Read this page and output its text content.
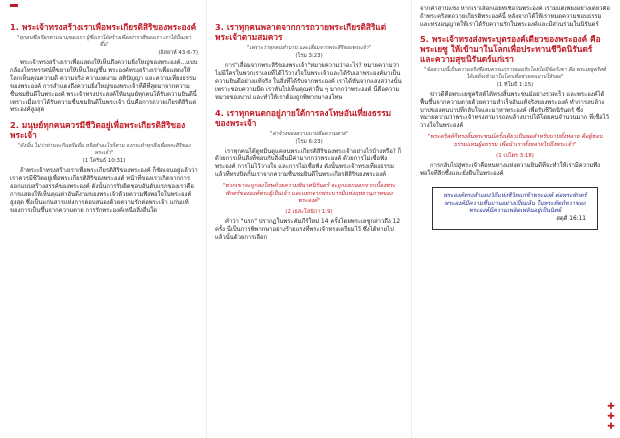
1. พระเจ้าทรงสร้างเราเพื่อพระเกียรติสิริของพระองค์
"ทุกคนซึ่งเรียกตามนามของเรา ผู้ซึ่งเราได้สร้างเพื่อสง่าราศีของเรา เราได้ปั้นเขาขึ้น"
(อิสยาห์ 43:6-7)

พระเจ้าทรงสร้างเราเพื่อแสดงให้เห็นถึงความยิ่งใหญ่ของพระองค์...แบบกล้องโทรทรรศน์ที่ขยายให้เห็นใหญ่ขึ้น พระองค์ทรงสร้างเราเพื่อแสดงให้โลกเห็นคุณความดี ความจริง ความงดงาม สติปัญญา และความเที่ยงธรรมของพระองค์ การสำแดงถึงความยิ่งใหญ่ของพระเจ้าที่ดีที่สุดมาจากความชื่นชมยินดีในพระองค์ พระเจ้าทรงประสงค์ให้มนุษย์ทุกคนได้รับความยินดีนี้ เพราะเมื่อเราได้รับความชื่นชมยินดีในพระเจ้า นั่นคือการถวายเกียรติสิริแด่พระองค์สูงสุด

2. มนุษย์ทุกคนควรมีชีวิตอยู่เพื่อพระเกียรติสิริของพระเจ้า
"ดังนั้น ไม่ว่าท่านจะกินหรือดื่ม หรือทำอะไรก็ตาม จงกระทำทุกสิ่งเพื่อพระสิริของพระเจ้า"
(1 โครินธ์ 10:31)

ถ้าพระเจ้าทรงสร้างเราเพื่อพระเกียรติสิริของพระองค์ ก็ชัดเจนอยู่แล้วว่าเราควรมีชีวิตอยู่เพื่อพระเกียรติสิริของพระองค์ หน้าที่ของเราเกิดจากการออกแบบสร้างสรรค์ของพระองค์ ดังนั้นการรับผิดชอบอันดับแรกของเราคือ การแสดงให้เห็นคุณค่าอันดีงามของพระเจ้าด้วยความพึงพอใจในพระองค์สูงสุด ซึ่งเป็นแก่นสารแห่งการตอบสนองด้วยความรักต่อพระเจ้า แก่นแท้ของการเป็นขึ้นจากความตาย การรักพระองค์เหนือสิ่งอื่นใด

3. เราทุกคนพลาดจากการถวายพระเกียรติสิริแด่พระเจ้าตามสมควร
"เพราะว่าทุกคนทำบาป และเสื่อมจากพระสิริของพระเจ้า"
(โรม 3:23)

การ"เสื่อมจากพระสิริของพระเจ้า"หมายความว่าอะไร? หมายความว่า ไม่มีใครในพวกเราเลยที่ได้ไว้วางใจในพระเจ้าและได้รับเอาพระองค์มาเป็นความยินดีอย่างแท้จริง ในสิ่งที่ได้รับจากพระองค์ เราได้หันจากแสงสว่างนั้น เพราะชอบความมืด เราหันไปเห็นคุณค่าอื่น ๆ มากกว่าพระองค์ นี่คือความหมายของบาป และทำให้เราต้องถูกพิพากษาลงโทษ

4. เราทุกคนตกอยู่ภายใต้การลงโทษอันเที่ยงธรรมของพระเจ้า
"ค่าจ้างของความบาปคือความตาย"
(โรม 6:23)

เราทุกคนได้ดูหมิ่นดูแคลนพระเกียรติสิริของพระเจ้าอย่างไรบ้างหรือ? ก็ด้วยการเห็นสิ่งที่ชอบกับสิ่งอื่นมีค่ามากกว่าพระองค์ ด้วยการไม่เชื่อฟังพระองค์ การไม่ไว้วางใจ และการไม่เชื่อฟัง ดังนั้นพระเจ้าทรงเที่ยงธรรมแล้วที่ทรงปิดกั้นเราจากความชื่นชมยินดีในพระเกียรติสิริของพระองค์

"พวกเขาจะถูกลงโทษด้วยความพินาศนิรันดร์ จะถูกแยกออกจากเบื้องพระพักตร์ขององค์พระผู้เป็นเจ้า และแยกจากพระบารมีแห่งฤทธานุภาพของพระองค์"
(2 เธสะโลนิกา 1:9)

คำว่า "นรก" ปรากฏในพระคัมภีร์ใหม่ 14 ครั้งโดยพระเยซูกล่าวถึง 12 ครั้ง นี่เป็นการพิพากษาอย่างร้ายแรงที่พระเจ้าทรงเตรียมไว้ ซึ่งได้หายไปแล้วนั้นด้วยการเลือก

จากคำสาปแช่ง หากเราเลือกเอยที่เชื่อในพระองค์ เรามีแต่เพียงอย่างเดียวคือ ถ้าพระคริสตถวายเกียรติพระองค์นี้ หลังจากได้ให้เราหมดความชอบธรรม และทรงอนุญาตให้เราได้รับความรักในพระองค์และมีส่วนร่วมในนิรันดร์

5. พระเจ้าทรงส่งพระบุตรองค์เดียวของพระองค์ คือพระเยซู ให้เข้ามาในโลกเพื่อประทานชีวิตนิรันดร์ และความสุขนิรันดร์แก่เรา
"ข้อความนี้เป็นความจริงซึ่งสมควรแก่การยอมรับโดยไม่มีข้อกังขา คือ พระเยซูคริสต์ได้เสด็จเข้ามาในโลกเพื่อช่วยคนบาปให้รอด"
(1 ทิโมธี 1:15)

ข่าวดีคือพระเยซูคริสต์ได้ทรงสิ้นพระชนม์อย่างรวดเร็ว และพระองค์ได้ฟื้นขึ้นจากความตายด้วยความสำเร็จอันแท้จริงของพระองค์ ทำการลบล้างบาปของคนบาปที่กลับใจและมาหาพระองค์ เพื่อรับชีวิตนิรันดร์ ซึ่งหมายความว่าพระเจ้าทรงสามารถลบล้างบาปได้โดยคนจำนวนมาก ที่เชื่อไว้วางใจในพระองค์

"พระคริสต์ก็ทรงสิ้นพระชนม์ครั้งเดียวเป็นพอสำหรับบาปทั้งหลาย คือผู้ชอบธรรมแทนผู้อธรรม เพื่อนำเราทั้งหลายไปถึงพระเจ้า"
(1 เปโตร 3:18)

การกลับไปสู่พระเจ้าคือหนทางแห่งความยินดีที่จะทำให้เรามีความพึงพอใจที่ลึกซึ้งและยั่งยืนในพระองค์

พระองค์ทรงสำแดงวิถีแห่งชีวิตแก่ข้าพระองค์ ต่อพระพักตร์พระองค์มีความชื่นบานอย่างเปี่ยมล้น ในพระหัตถ์ขวาของพระองค์มีความเพลิดเพลินอยู่เป็นนิตย์
สดุดี 16:11
✚
✚
✚
